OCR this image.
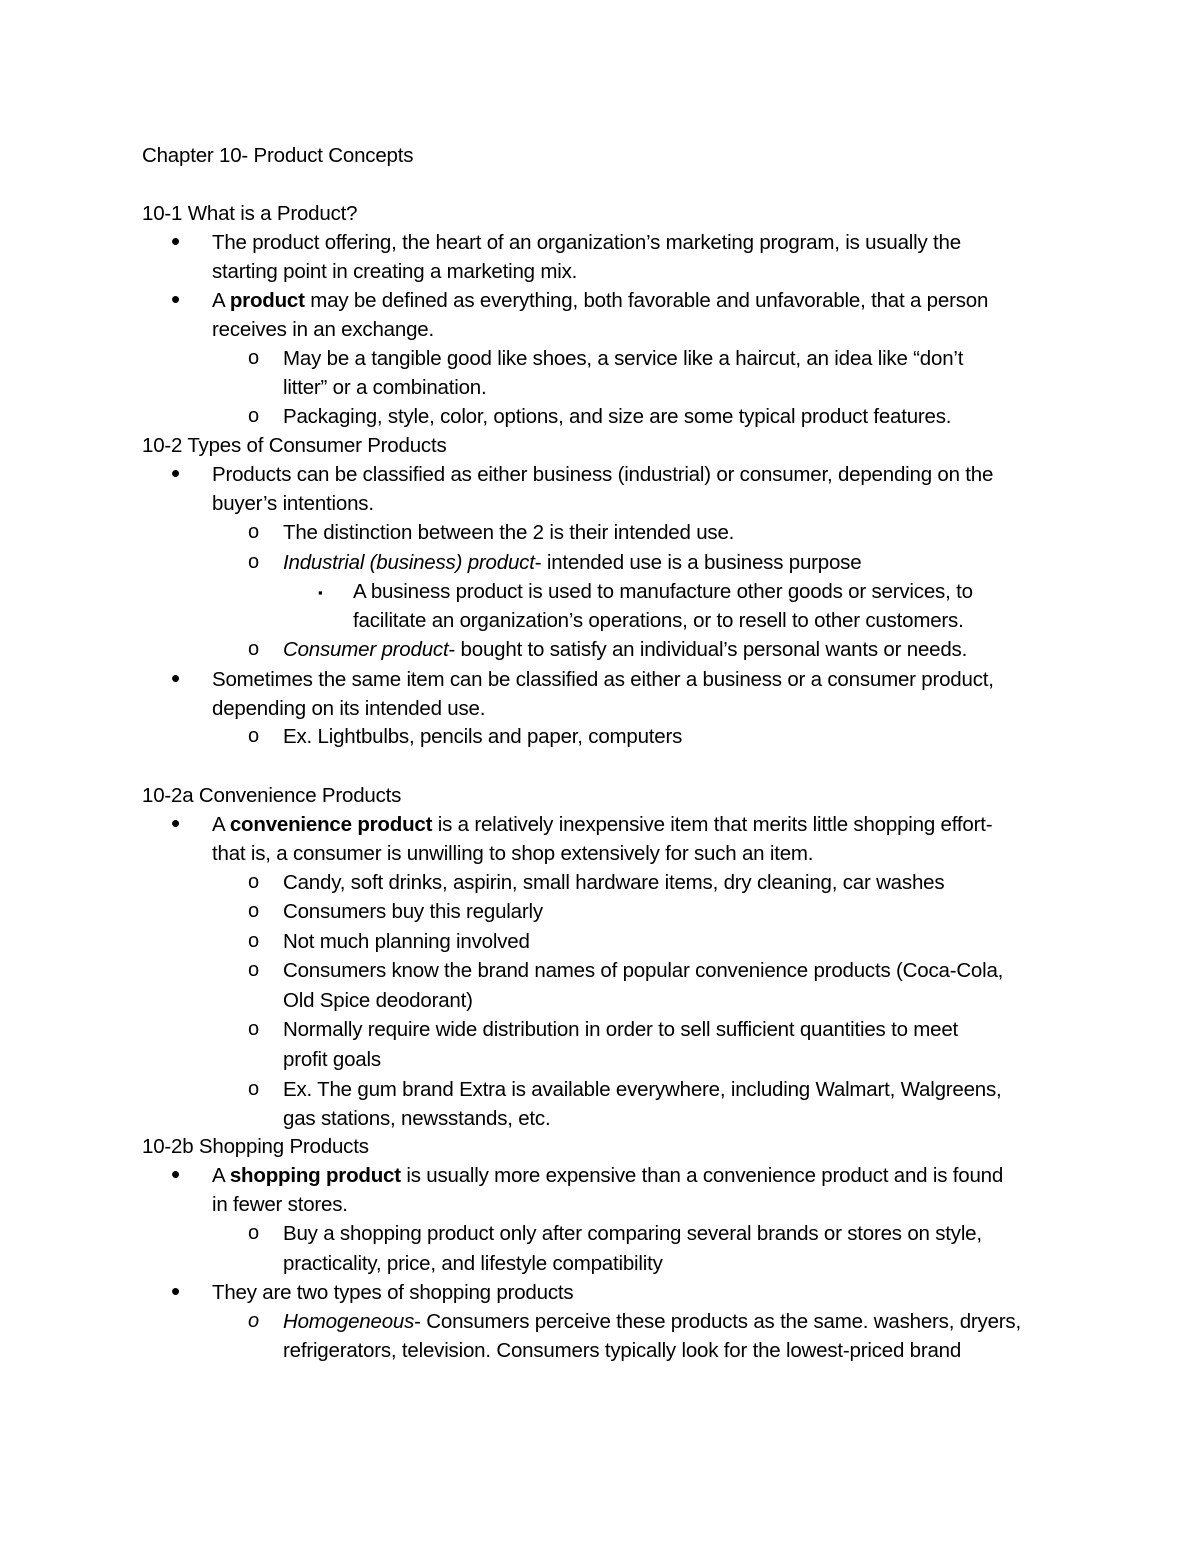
Chapter 10- Product Concepts
10-1 What is a Product?
• The product offering, the heart of an organization’s marketing program, is usually the
starting point in creating a marketing mix.
• A product may be defined as everything, both favorable and unfavorable, that a person
receives in an exchange.
o May be a tangible good like shoes, a service like a haircut, an idea like “don’t
litter” or a combination.
o Packaging, style, color, options, and size are some typical product features.
10-2 Types of Consumer Products
• Products can be classified as either business (industrial) or consumer, depending on the
buyer’s intentions.
o The distinction between the 2 is their intended use.
o Industrial (business) product- intended use is a business purpose
▪ A business product is used to manufacture other goods or services, to
facilitate an organization’s operations, or to resell to other customers.
o Consumer product- bought to satisfy an individual’s personal wants or needs.
• Sometimes the same item can be classified as either a business or a consumer product,
depending on its intended use.
o Ex. Lightbulbs, pencils and paper, computers
10-2a Convenience Products
• A convenience product is a relatively inexpensive item that merits little shopping effort-
that is, a consumer is unwilling to shop extensively for such an item.
o Candy, soft drinks, aspirin, small hardware items, dry cleaning, car washes
o Consumers buy this regularly
o Not much planning involved
o Consumers know the brand names of popular convenience products (Coca-Cola,
Old Spice deodorant)
o Normally require wide distribution in order to sell sufficient quantities to meet
profit goals
o Ex. The gum brand Extra is available everywhere, including Walmart, Walgreens,
gas stations, newsstands, etc.
10-2b Shopping Products
• A shopping product is usually more expensive than a convenience product and is found
in fewer stores.
o Buy a shopping product only after comparing several brands or stores on style,
practicality, price, and lifestyle compatibility
• They are two types of shopping products
o Homogeneous- Consumers perceive these products as the same. washers, dryers,
refrigerators, television. Consumers typically look for the lowest-priced brand
